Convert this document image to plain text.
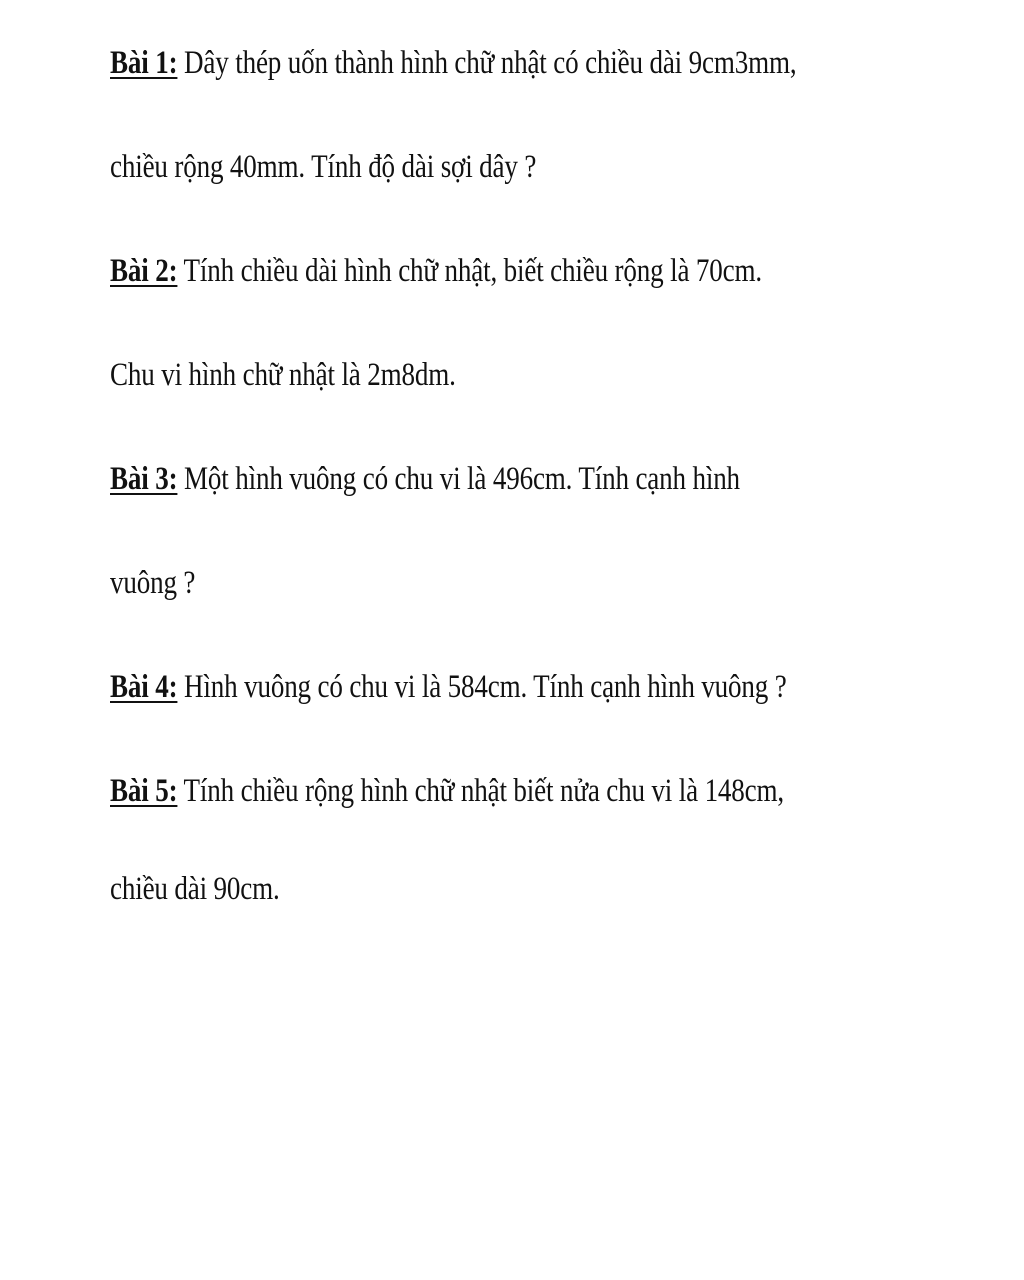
Bài 1: Dây thép uốn thành hình chữ nhật có chiều dài 9cm3mm,
chiều rộng 40mm. Tính độ dài sợi dây ?
Bài 2: Tính chiều dài hình chữ nhật, biết chiều rộng là 70cm.
Chu vi hình chữ nhật là 2m8dm.
Bài 3: Một hình vuông có chu vi là 496cm. Tính cạnh hình
vuông ?
Bài 4: Hình vuông có chu vi là 584cm. Tính cạnh hình vuông ?
Bài 5: Tính chiều rộng hình chữ nhật biết nửa chu vi là 148cm,
chiều dài 90cm.
